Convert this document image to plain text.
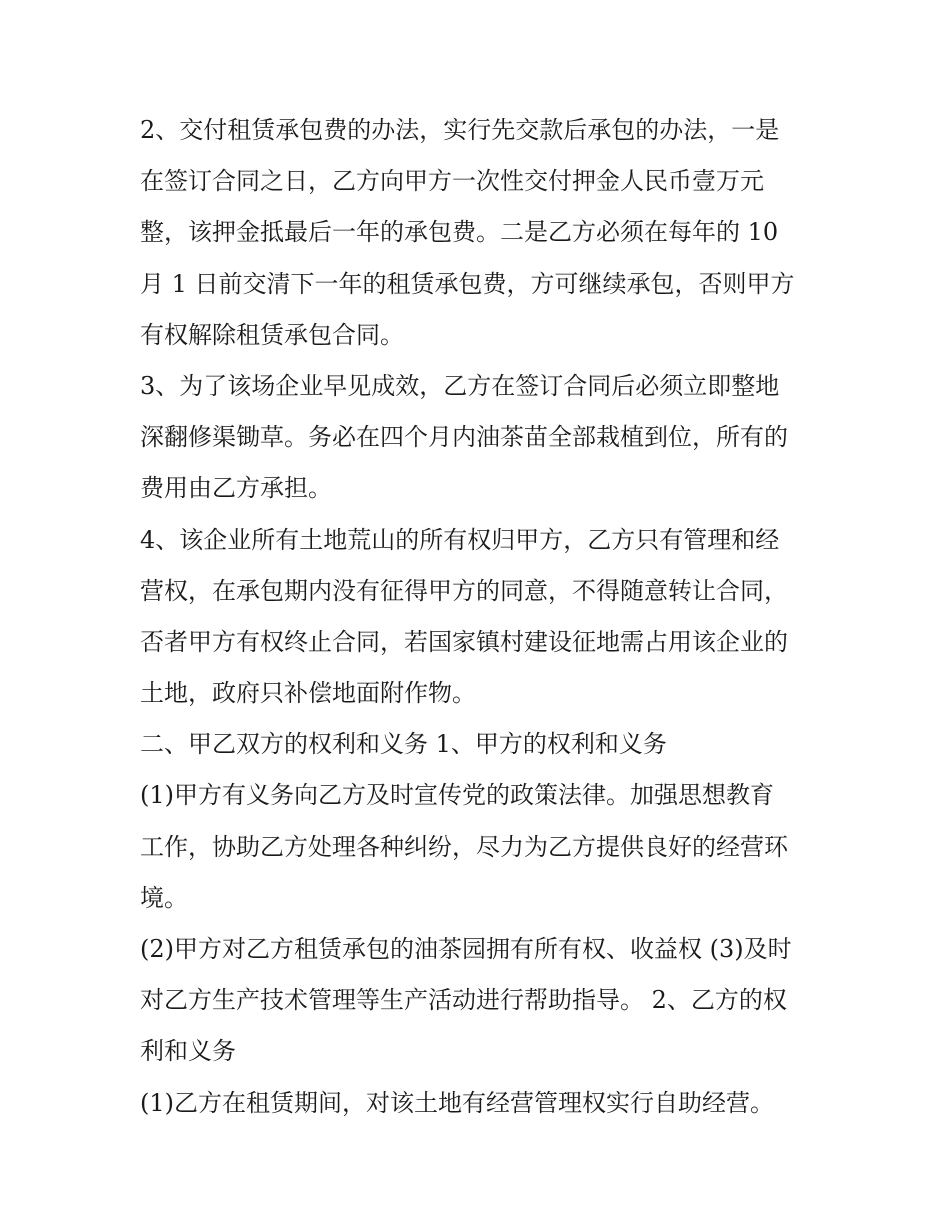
2、交付租赁承包费的办法，实行先交款后承包的办法，一是
在签订合同之日，乙方向甲方一次性交付押金人民币壹万元
整，该押金抵最后一年的承包费。二是乙方必须在每年的 10
月 1 日前交清下一年的租赁承包费，方可继续承包，否则甲方
有权解除租赁承包合同。
3、为了该场企业早见成效，乙方在签订合同后必须立即整地
深翻修渠锄草。务必在四个月内油茶苗全部栽植到位，所有的
费用由乙方承担。
4、该企业所有土地荒山的所有权归甲方，乙方只有管理和经
营权，在承包期内没有征得甲方的同意，不得随意转让合同，
否者甲方有权终止合同，若国家镇村建设征地需占用该企业的
土地，政府只补偿地面附作物。
二、甲乙双方的权利和义务 1、甲方的权利和义务
(1)甲方有义务向乙方及时宣传党的政策法律。加强思想教育
工作，协助乙方处理各种纠纷，尽力为乙方提供良好的经营环
境。
(2)甲方对乙方租赁承包的油茶园拥有所有权、收益权 (3)及时
对乙方生产技术管理等生产活动进行帮助指导。 2、乙方的权
利和义务
(1)乙方在租赁期间，对该土地有经营管理权实行自助经营。
